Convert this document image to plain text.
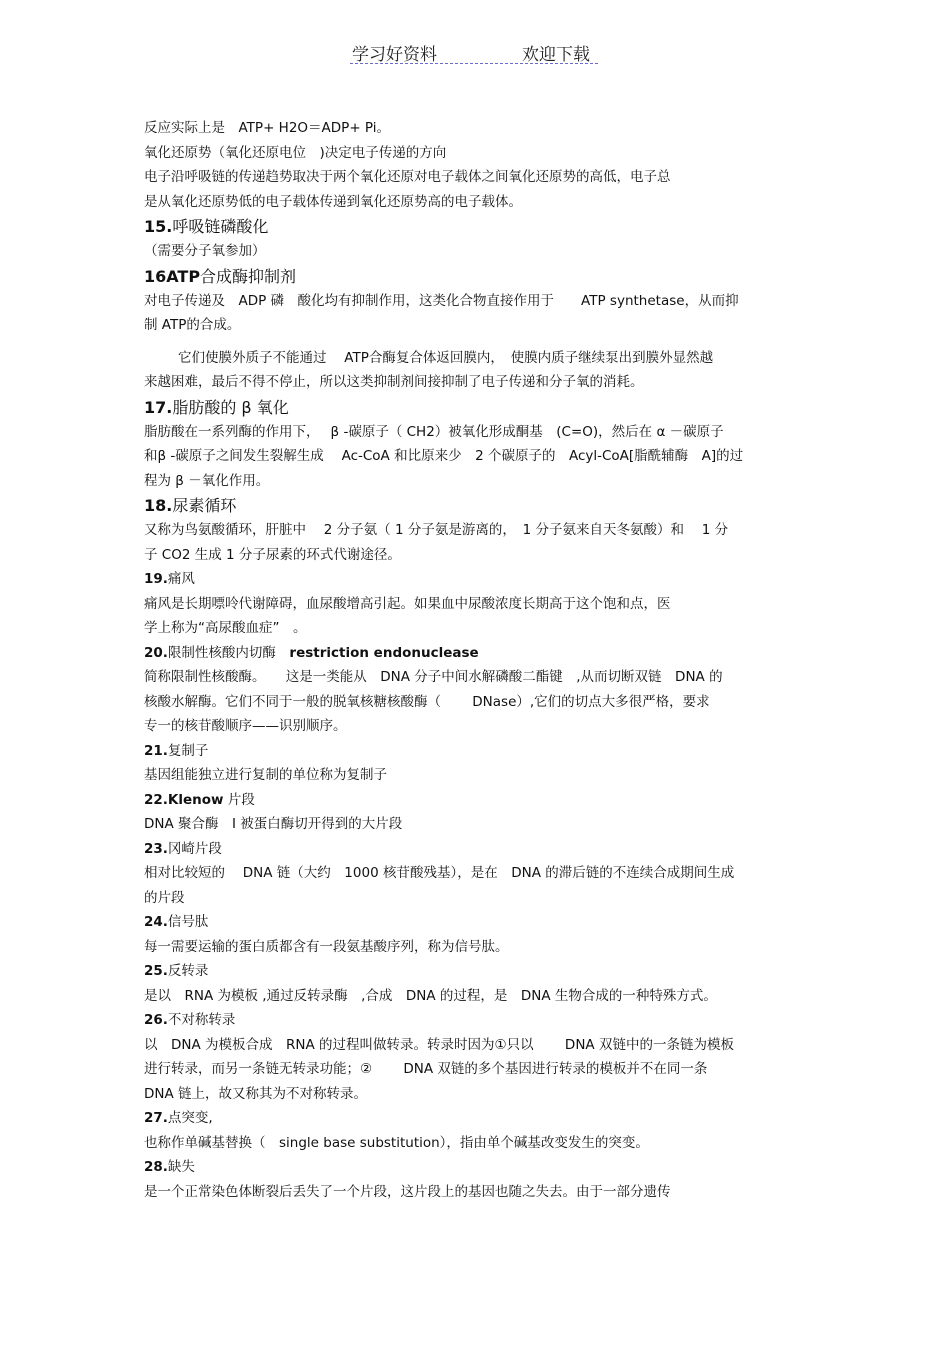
学习好资料	欢迎下载
反应实际上是　ATP+ H2O＝ADP+ Pi。
氧化还原势（氧化还原电位　)决定电子传递的方向
电子沿呼吸链的传递趋势取决于两个氧化还原对电子载体之间氧化还原势的高低，电子总
是从氧化还原势低的电子载体传递到氧化还原势高的电子载体。
15.呼吸链磷酸化
（需要分子氧参加）
16ATP合成酶抑制剂
对电子传递及　ADP 磷　酸化均有抑制作用，这类化合物直接作用于　　ATP synthetase，从而抑
制 ATP的合成。
它们使膜外质子不能通过　 ATP合酶复合体返回膜内，　使膜内质子继续泵出到膜外显然越
来越困难，最后不得不停止，所以这类抑制剂间接抑制了电子传递和分子氧的消耗。
17.脂肪酸的 β 氧化
脂肪酸在一系列酶的作用下，　 β -碳原子（ CH2）被氧化形成酮基　(C=O)，然后在 α －碳原子
和β -碳原子之间发生裂解生成　 Ac-CoA 和比原来少　2 个碳原子的　Acyl-CoA[脂酰辅酶　A]的过
程为 β －氧化作用。
18.尿素循环
又称为鸟氨酸循环，肝脏中　 2 分子氨（ 1 分子氨是游离的，　1 分子氨来自天冬氨酸）和　 1 分
子 CO2 生成 1 分子尿素的环式代谢途径。
19.痛风
痛风是长期嘌呤代谢障碍，血尿酸增高引起。如果血中尿酸浓度长期高于这个饱和点，医
学上称为“高尿酸血症”　。
20.限制性核酸内切酶　restriction endonuclease
简称限制性核酸酶。　　这是一类能从　DNA 分子中间水解磷酸二酯键　,从而切断双链　DNA 的
核酸水解酶。它们不同于一般的脱氧核糖核酸酶（　　 DNase）,它们的切点大多很严格，要求
专一的核苷酸顺序——识别顺序。
21.复制子
基因组能独立进行复制的单位称为复制子
22.Klenow 片段
DNA 聚合酶　I 被蛋白酶切开得到的大片段
23.冈崎片段
相对比较短的　 DNA 链（大约　1000 核苷酸残基），是在　DNA 的滞后链的不连续合成期间生成
的片段
24.信号肽
每一需要运输的蛋白质都含有一段氨基酸序列，称为信号肽。
25.反转录
是以　RNA 为模板 ,通过反转录酶　,合成　DNA 的过程，是　DNA 生物合成的一种特殊方式。
26.不对称转录
以　DNA 为模板合成　RNA 的过程叫做转录。转录时因为①只以　　 DNA 双链中的一条链为模板
进行转录，而另一条链无转录功能；②　　 DNA 双链的多个基因进行转录的模板并不在同一条
DNA 链上，故又称其为不对称转录。
27.点突变,
也称作单碱基替换（　single base substitution），指由单个碱基改变发生的突变。
28.缺失
是一个正常染色体断裂后丢失了一个片段，这片段上的基因也随之失去。由于一部分遗传
